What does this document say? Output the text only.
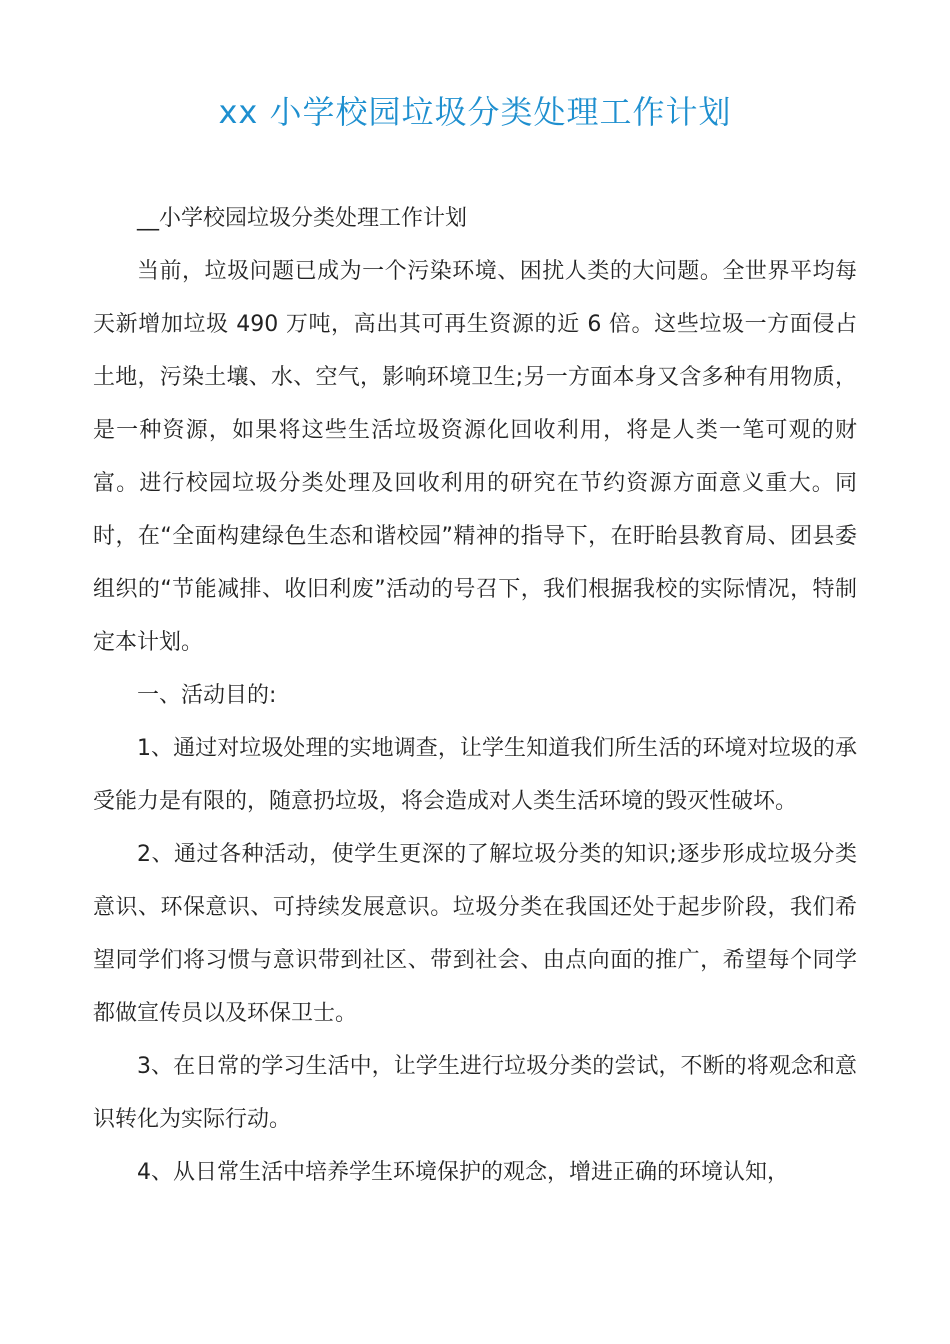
xx 小学校园垃圾分类处理工作计划

__小学校园垃圾分类处理工作计划

当前，垃圾问题已成为一个污染环境、困扰人类的大问题。全世界平均每天新增加垃圾 490 万吨，高出其可再生资源的近 6 倍。这些垃圾一方面侵占土地，污染土壤、水、空气，影响环境卫生;另一方面本身又含多种有用物质，是一种资源，如果将这些生活垃圾资源化回收利用，将是人类一笔可观的财富。进行校园垃圾分类处理及回收利用的研究在节约资源方面意义重大。同时，在“全面构建绿色生态和谐校园”精神的指导下，在盱眙县教育局、团县委组织的“节能减排、收旧利废”活动的号召下，我们根据我校的实际情况，特制定本计划。

一、活动目的:

1、通过对垃圾处理的实地调查，让学生知道我们所生活的环境对垃圾的承受能力是有限的，随意扔垃圾，将会造成对人类生活环境的毁灭性破坏。

2、通过各种活动，使学生更深的了解垃圾分类的知识;逐步形成垃圾分类意识、环保意识、可持续发展意识。垃圾分类在我国还处于起步阶段，我们希望同学们将习惯与意识带到社区、带到社会、由点向面的推广，希望每个同学都做宣传员以及环保卫士。

3、在日常的学习生活中，让学生进行垃圾分类的尝试，不断的将观念和意识转化为实际行动。

4、从日常生活中培养学生环境保护的观念，增进正确的环境认知，
